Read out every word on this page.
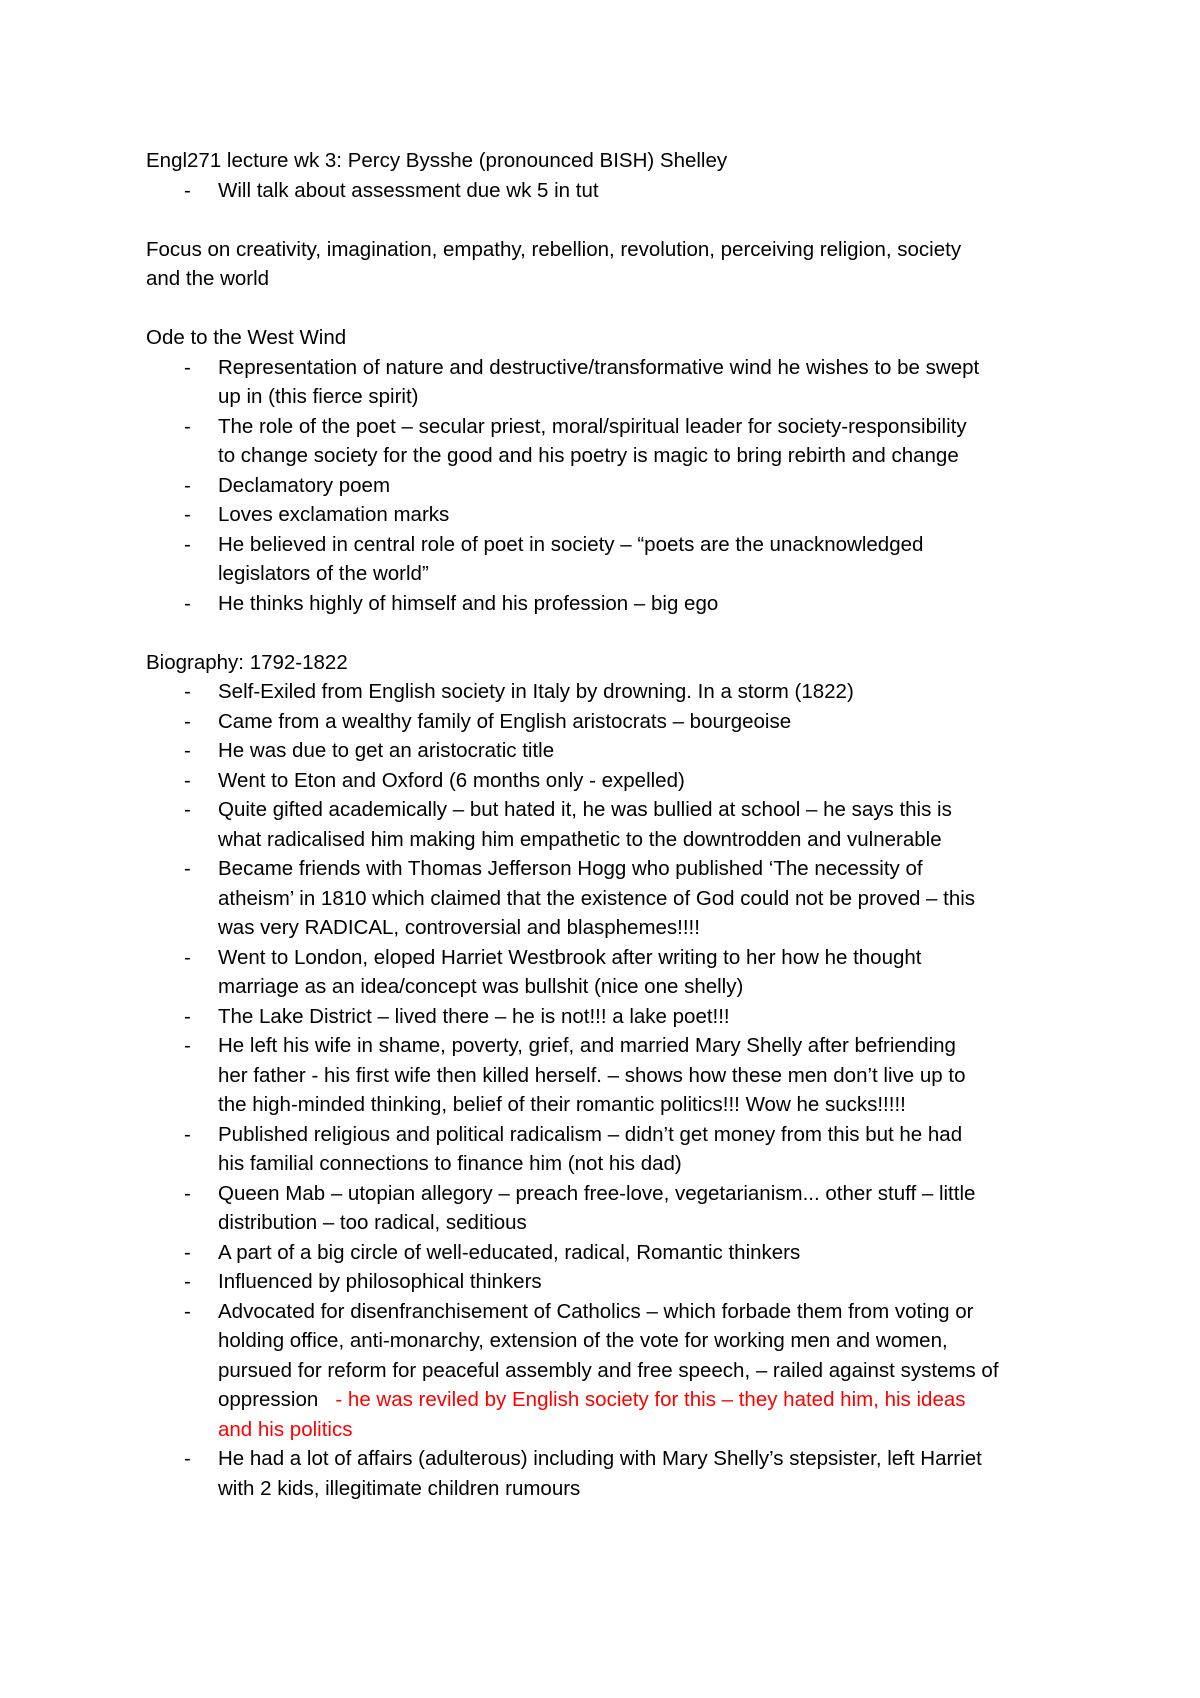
Engl271 lecture wk 3: Percy Bysshe (pronounced BISH) Shelley

- Will talk about assessment due wk 5 in tut

Focus on creativity, imagination, empathy, rebellion, revolution, perceiving religion, society

and the world

Ode to the West Wind

- Representation of nature and destructive/transformative wind he wishes to be swept
up in (this fierce spirit)
- The role of the poet – secular priest, moral/spiritual leader for society-responsibility
to change society for the good and his poetry is magic to bring rebirth and change
- Declamatory poem
- Loves exclamation marks
- He believed in central role of poet in society – “poets are the unacknowledged
legislators of the world”
- He thinks highly of himself and his profession – big ego

Biography: 1792-1822

- Self-Exiled from English society in Italy by drowning. In a storm (1822)
- Came from a wealthy family of English aristocrats – bourgeoise
- He was due to get an aristocratic title
- Went to Eton and Oxford (6 months only - expelled)
- Quite gifted academically – but hated it, he was bullied at school – he says this is
what radicalised him making him empathetic to the downtrodden and vulnerable
- Became friends with Thomas Jefferson Hogg who published ‘The necessity of
atheism’ in 1810 which claimed that the existence of God could not be proved – this
was very RADICAL, controversial and blasphemes!!!!
- Went to London, eloped Harriet Westbrook after writing to her how he thought
marriage as an idea/concept was bullshit (nice one shelly)
- The Lake District – lived there – he is not!!! a lake poet!!!
- He left his wife in shame, poverty, grief, and married Mary Shelly after befriending
her father - his first wife then killed herself. – shows how these men don’t live up to
the high-minded thinking, belief of their romantic politics!!! Wow he sucks!!!!!
- Published religious and political radicalism – didn’t get money from this but he had
his familial connections to finance him (not his dad)
- Queen Mab – utopian allegory – preach free-love, vegetarianism... other stuff – little
distribution – too radical, seditious
- A part of a big circle of well-educated, radical, Romantic thinkers
- Influenced by philosophical thinkers
- Advocated for disenfranchisement of Catholics – which forbade them from voting or
holding office, anti-monarchy, extension of the vote for working men and women,
pursued for reform for peaceful assembly and free speech, – railed against systems of
oppression - he was reviled by English society for this – they hated him, his ideas
and his politics
- He had a lot of affairs (adulterous) including with Mary Shelly’s stepsister, left Harriet
with 2 kids, illegitimate children rumours
